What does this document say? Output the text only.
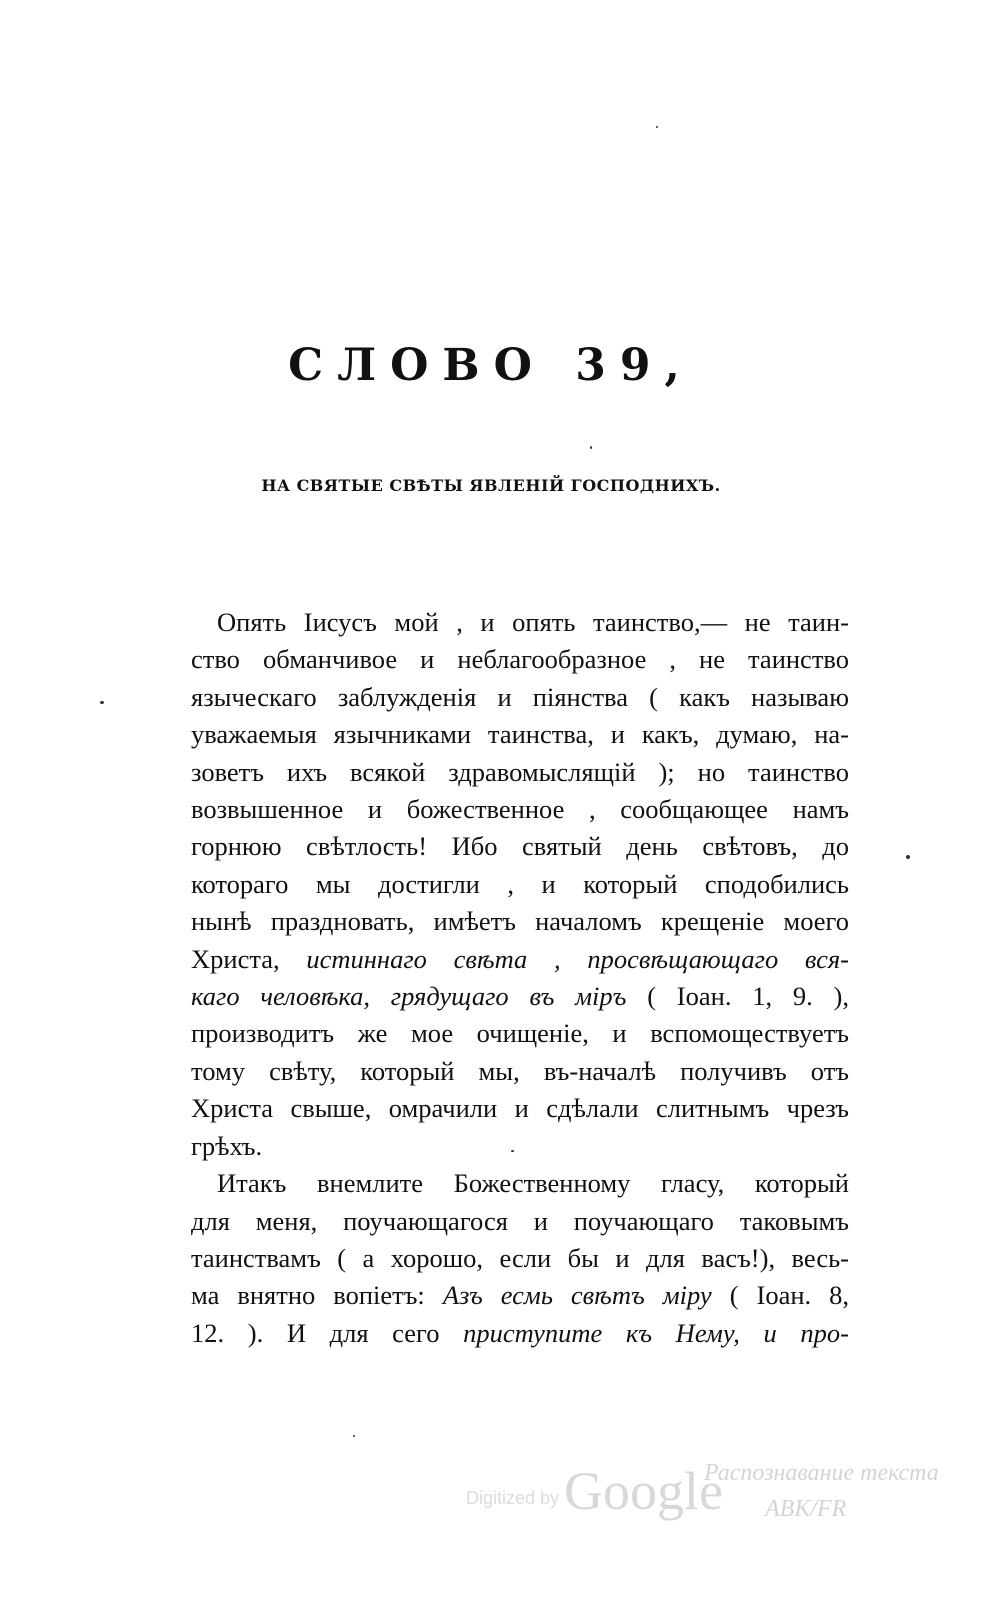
СЛОВО 39,
НА СВЯТЫЕ СВѢТЫ ЯВЛЕНІЙ ГОСПОДНИХЪ.
Опять Іисусъ мой , и опять таинство,— не таин-
ство обманчивое и неблагообразное , не таинство
языческаго заблужденія и піянства ( какъ называю
уважаемыя язычниками таинства, и какъ, думаю, на-
зоветъ ихъ всякой здравомыслящій ); но таинство
возвышенное и божественное , сообщающее намъ
горнюю свѣтлость! Ибо святый день свѣтовъ, до
котораго мы достигли , и который сподобились
нынѣ праздновать, имѣетъ началомъ крещеніе моего
Христа, истиннаго свѣта , просвѣщающаго вся-
каго человѣка, грядущаго въ міръ ( Іоан. 1, 9. ),
производитъ же мое очищеніе, и вспомоществуетъ
тому свѣту, который мы, въ-началѣ получивъ отъ
Христа свыше, омрачили и сдѣлали слитнымъ чрезъ
грѣхъ.
Итакъ внемлите Божественному гласу, который
для меня, поучающагося и поучающаго таковымъ
таинствамъ ( а хорошо, если бы и для васъ!), весь-
ма внятно вопіетъ: Азъ есмь свѣтъ міру ( Іоан. 8,
12. ). И для сего приступите къ Нему, и про-
Digitized by Google
Распознавание текста
ABK/FR
